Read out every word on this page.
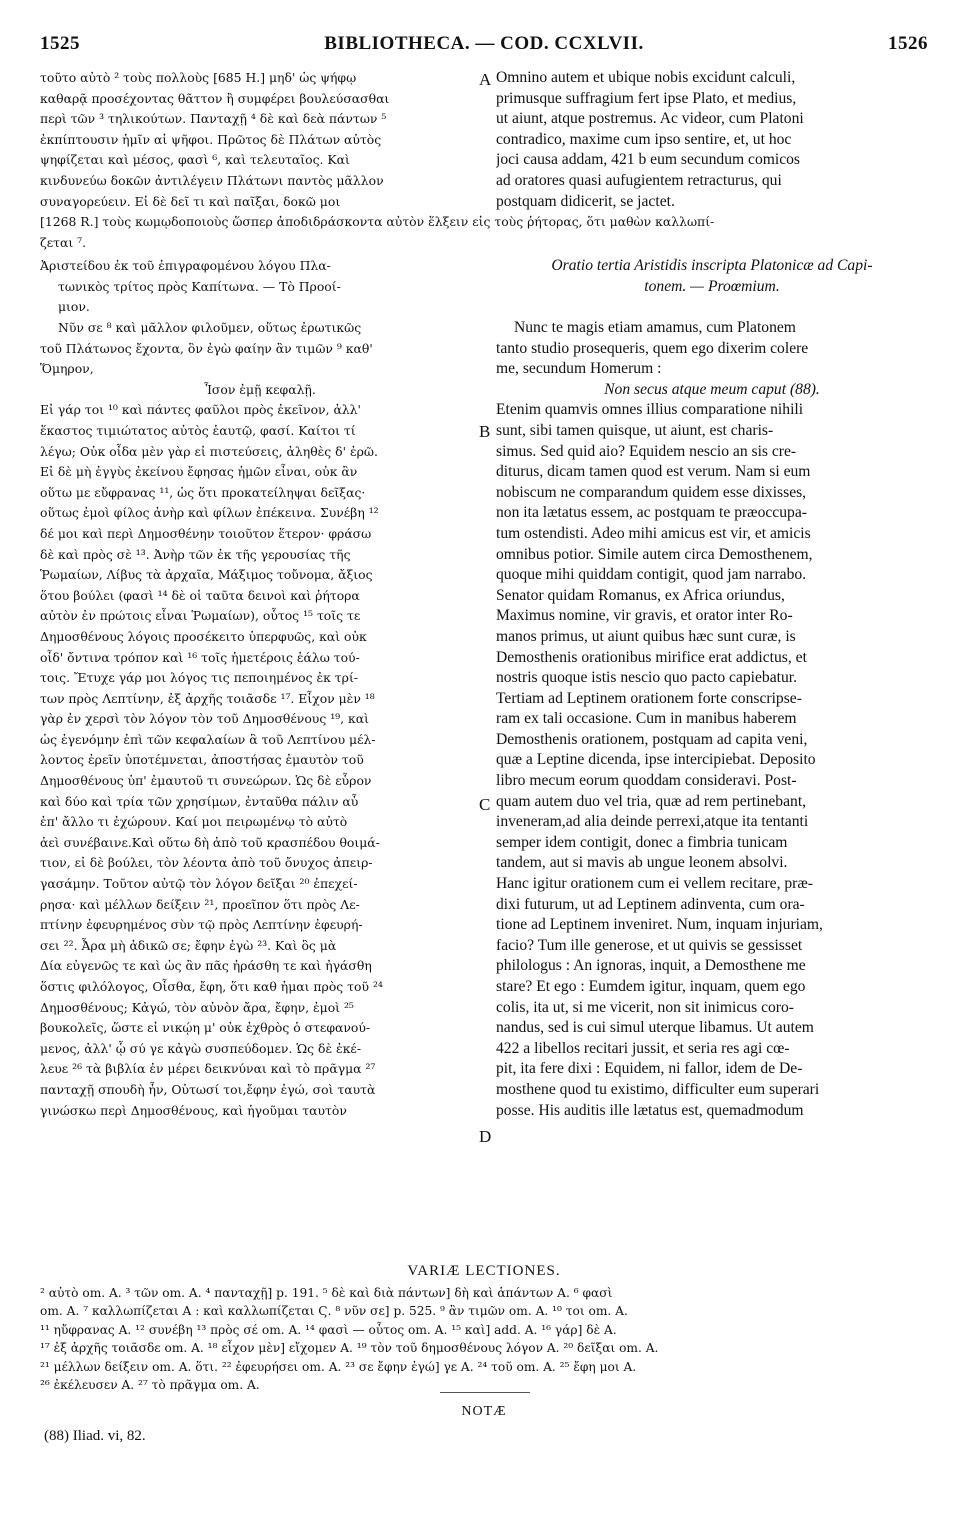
1525	BIBLIOTHECA. — COD. CCXLVII.	1526
A
B
C
D
τοῦτο αὐτὸ ² τοὺς πολλοὺς [685 H.] μηδ' ὡς ψήφῳ
καθαρᾷ προσέχοντας θᾶττον ἢ συμφέρει βουλεύσασθαι
περὶ τῶν ³ τηλικούτων. Πανταχῇ ⁴ δὲ καὶ δεὰ πάντων ⁵
ἐκπίπτουσιν ἡμῖν αἱ ψῆφοι. Πρῶτος δὲ Πλάτων αὐτὸς
ψηφίζεται καὶ μέσος, φασὶ ⁶, καὶ τελευταῖος. Καὶ
κινδυνεύω δοκῶν ἀντιλέγειν Πλάτωνι παντὸς μᾶλλον
συναγορεύειν. Εἰ δὲ δεῖ τι καὶ παῖξαι, δοκῶ μοι
Omnino autem et ubique nobis excidunt calculi,
primusque suffragium fert ipse Plato, et medius,
ut aiunt, atque postremus. Ac videor, cum Platoni
contradico, maxime cum ipso sentire, et, ut hoc
joci causa addam, 421 b eum secundum comicos
ad oratores quasi aufugientem retracturus, qui
postquam didicerit, se jactet.
[1268 R.] τοὺς κωμῳδοποιοὺς ὥσπερ ἀποδιδράσκοντα αὐτὸν ἕλξειν εἰς τοὺς ῥήτορας, ὅτι μαθὼν καλλωπί-
ζεται ⁷.
Ἀριστείδου ἐκ τοῦ ἐπιγραφομένου λόγου Πλα-
τωνικὸς τρίτος πρὸς Καπίτωνα. — Τὸ Προοί-
μιον.
Oratio tertia Aristidis inscripta Platonicæ ad Capi-
tonem. — Proœmium.
Νῦν σε ⁸ καὶ μᾶλλον φιλοῦμεν, οὕτως ἐρωτικῶς
τοῦ Πλάτωνος ἔχοντα, ὃν ἐγὼ φαίην ἂν τιμῶν ⁹ καθ'
Ὅμηρον,
Ἶσον ἐμῇ κεφαλῇ.
Εἰ γάρ τοι ¹⁰ καὶ πάντες φαῦλοι πρὸς ἐκεῖνον, ἀλλ'
ἕκαστος τιμιώτατος αὐτὸς ἑαυτῷ, φασί. Καίτοι τί
λέγω; Οὐκ οἶδα μὲν γὰρ εἰ πιστεύσεις, ἀληθὲς δ' ἐρῶ.
Εἰ δὲ μὴ ἐγγὺς ἐκείνου ἔφησας ἡμῶν εἶναι, οὐκ ἂν
οὕτω με εὔφρανας ¹¹, ὡς ὅτι προκατείληψαι δεῖξας·
οὕτως ἐμοὶ φίλος ἀνὴρ καὶ φίλων ἐπέκεινα. Συνέβη ¹²
δέ μοι καὶ περὶ Δημοσθένην τοιοῦτον ἕτερον· φράσω
δὲ καὶ πρὸς σὲ ¹³. Ἀνὴρ τῶν ἐκ τῆς γερουσίας τῆς
Ῥωμαίων, Λίβυς τὰ ἀρχαῖα, Μάξιμος τοὔνομα, ἄξιος
ὅτου βούλει (φασὶ ¹⁴ δὲ οἱ ταῦτα δεινοὶ καὶ ῥήτορα
αὐτὸν ἐν πρώτοις εἶναι Ῥωμαίων), οὗτος ¹⁵ τοῖς τε
Δημοσθένους λόγοις προσέκειτο ὑπερφυῶς, καὶ οὐκ
οἶδ' ὄντινα τρόπον καὶ ¹⁶ τοῖς ἡμετέροις ἑάλω τού-
τοις. Ἔτυχε γάρ μοι λόγος τις πεποιημένος ἐκ τρί-
των πρὸς Λεπτίνην, ἐξ ἀρχῆς τοιᾶσδε ¹⁷. Εἶχον μὲν ¹⁸
γὰρ ἐν χερσὶ τὸν λόγον τὸν τοῦ Δημοσθένους ¹⁹, καὶ
ὡς ἐγενόμην ἐπὶ τῶν κεφαλαίων ἃ τοῦ Λεπτίνου μέλ-
λοντος ἐρεῖν ὑποτέμνεται, ἀποστήσας ἐμαυτὸν τοῦ
Δημοσθένους ὑπ' ἐμαυτοῦ τι συνεώρων. Ὡς δὲ εὗρον
καὶ δύο καὶ τρία τῶν χρησίμων, ἐνταῦθα πάλιν αὖ
ἐπ' ἄλλο τι ἐχώρουν. Καί μοι πειρωμένῳ τὸ αὐτὸ
ἀεὶ συνέβαινε.Καὶ οὕτω δὴ ἀπὸ τοῦ κρασπέδου θοιμά-
τιον, εἰ δὲ βούλει, τὸν λέοντα ἀπὸ τοῦ ὄνυχος ἀπειρ-
γασάμην. Τοῦτον αὐτῷ τὸν λόγον δεῖξαι ²⁰ ἐπεχεί-
ρησα· καὶ μέλλων δείξειν ²¹, προεῖπον ὅτι πρὸς Λε-
πτίνην ἐφευρημένος σὺν τῷ πρὸς Λεπτίνην ἐφευρή-
σει ²². Ἆρα μὴ ἀδικῶ σε; ἔφην ἐγὼ ²³. Καὶ ὃς μὰ
Δία εὐγενῶς τε καὶ ὡς ἂν πᾶς ἠράσθη τε καὶ ἠγάσθη
ὅστις φιλόλογος, Οἶσθα, ἔφη, ὅτι καθ ἡμαι πρὸς τοῦ ²⁴
Δημοσθένους; Κἀγώ, τὸν αὐνὸν ἄρα, ἔφην, ἐμοὶ ²⁵
βουκολεῖς, ὥστε εἰ νικῴη μ' οὐκ ἐχθρὸς ὁ στεφανού-
μενος, ἀλλ' ᾧ σύ γε κἀγὼ συσπεύδομεν. Ὡς δὲ ἐκέ-
λευε ²⁶ τὰ βιβλία ἐν μέρει δεικνύναι καὶ τὸ πρᾶγμα ²⁷
πανταχῇ σπουδὴ ἦν, Οὑτωσί τοι,ἔφην ἐγώ, σοὶ ταυτὰ
γινώσκω περὶ Δημοσθένους, καὶ ἡγοῦμαι ταυτὸν
Nunc te magis etiam amamus, cum Platonem
tanto studio prosequeris, quem ego dixerim colere
me, secundum Homerum :
Non secus atque meum caput (88).
Etenim quamvis omnes illius comparatione nihili
sunt, sibi tamen quisque, ut aiunt, est charis-
simus. Sed quid aio? Equidem nescio an sis cre-
diturus, dicam tamen quod est verum. Nam si eum
nobiscum ne comparandum quidem esse dixisses,
non ita lætatus essem, ac postquam te præoccupa-
tum ostendisti. Adeo mihi amicus est vir, et amicis
omnibus potior. Simile autem circa Demosthenem,
quoque mihi quiddam contigit, quod jam narrabo.
Senator quidam Romanus, ex Africa oriundus,
Maximus nomine, vir gravis, et orator inter Ro-
manos primus, ut aiunt quibus hæc sunt curæ, is
Demosthenis orationibus mirifice erat addictus, et
nostris quoque istis nescio quo pacto capiebatur.
Tertiam ad Leptinem orationem forte conscripse-
ram ex tali occasione. Cum in manibus haberem
Demosthenis orationem, postquam ad capita veni,
quæ a Leptine dicenda, ipse intercipiebat. Deposito
libro mecum eorum quoddam consideravi. Post-
quam autem duo vel tria, quæ ad rem pertinebant,
inveneram,ad alia deinde perrexi,atque ita tentanti
semper idem contigit, donec a fimbria tunicam
tandem, aut si mavis ab ungue leonem absolvi.
Hanc igitur orationem cum ei vellem recitare, præ-
dixi futurum, ut ad Leptinem adinventa, cum ora-
tione ad Leptinem inveniret. Num, inquam injuriam,
facio? Tum ille generose, et ut quivis se gessisset
philologus : An ignoras, inquit, a Demosthene me
stare? Et ego : Eumdem igitur, inquam, quem ego
colis, ita ut, si me vicerit, non sit inimicus coro-
nandus, sed is cui simul uterque libamus. Ut autem
422 a libellos recitari jussit, et seria res agi cœ-
pit, ita fere dixi : Equidem, ni fallor, idem de De-
mosthene quod tu existimo, difficulter eum superari
posse. His auditis ille lætatus est, quemadmodum
VARIÆ LECTIONES.
² αὐτὸ om. A. ³ τῶν om. A. ⁴ πανταχῇ] p. 191. ⁵ δὲ καὶ διὰ πάντων] δὴ καὶ ἁπάντων A. ⁶ φασὶ
om. A. ⁷ καλλωπίζεται A : καὶ καλλωπίζεται Ϛ. ⁸ νῦν σε] p. 525. ⁹ ἂν τιμῶν om. A. ¹⁰ τοι om. A.
¹¹ ηὔφρανας A. ¹² συνέβη ¹³ πρὸς σέ om. A. ¹⁴ φασὶ — οὗτος om. A. ¹⁵ καὶ] add. A. ¹⁶ γάρ] δὲ A.
¹⁷ ἐξ ἀρχῆς τοιᾶσδε om. A. ¹⁸ εἶχον μὲν] εἴχομεν A. ¹⁹ τὸν τοῦ δημοσθένους λόγον A. ²⁰ δεῖξαι om. A.
²¹ μέλλων δείξειν om. A. ὅτι. ²² ἐφευρήσει om. A. ²³ σε ἔφην ἐγώ] γε A. ²⁴ τοῦ om. A. ²⁵ ἔφη μοι A.
²⁶ ἐκέλευσεν A. ²⁷ τὸ πρᾶγμα om. A.
NOTÆ
(88) Iliad. vi, 82.
